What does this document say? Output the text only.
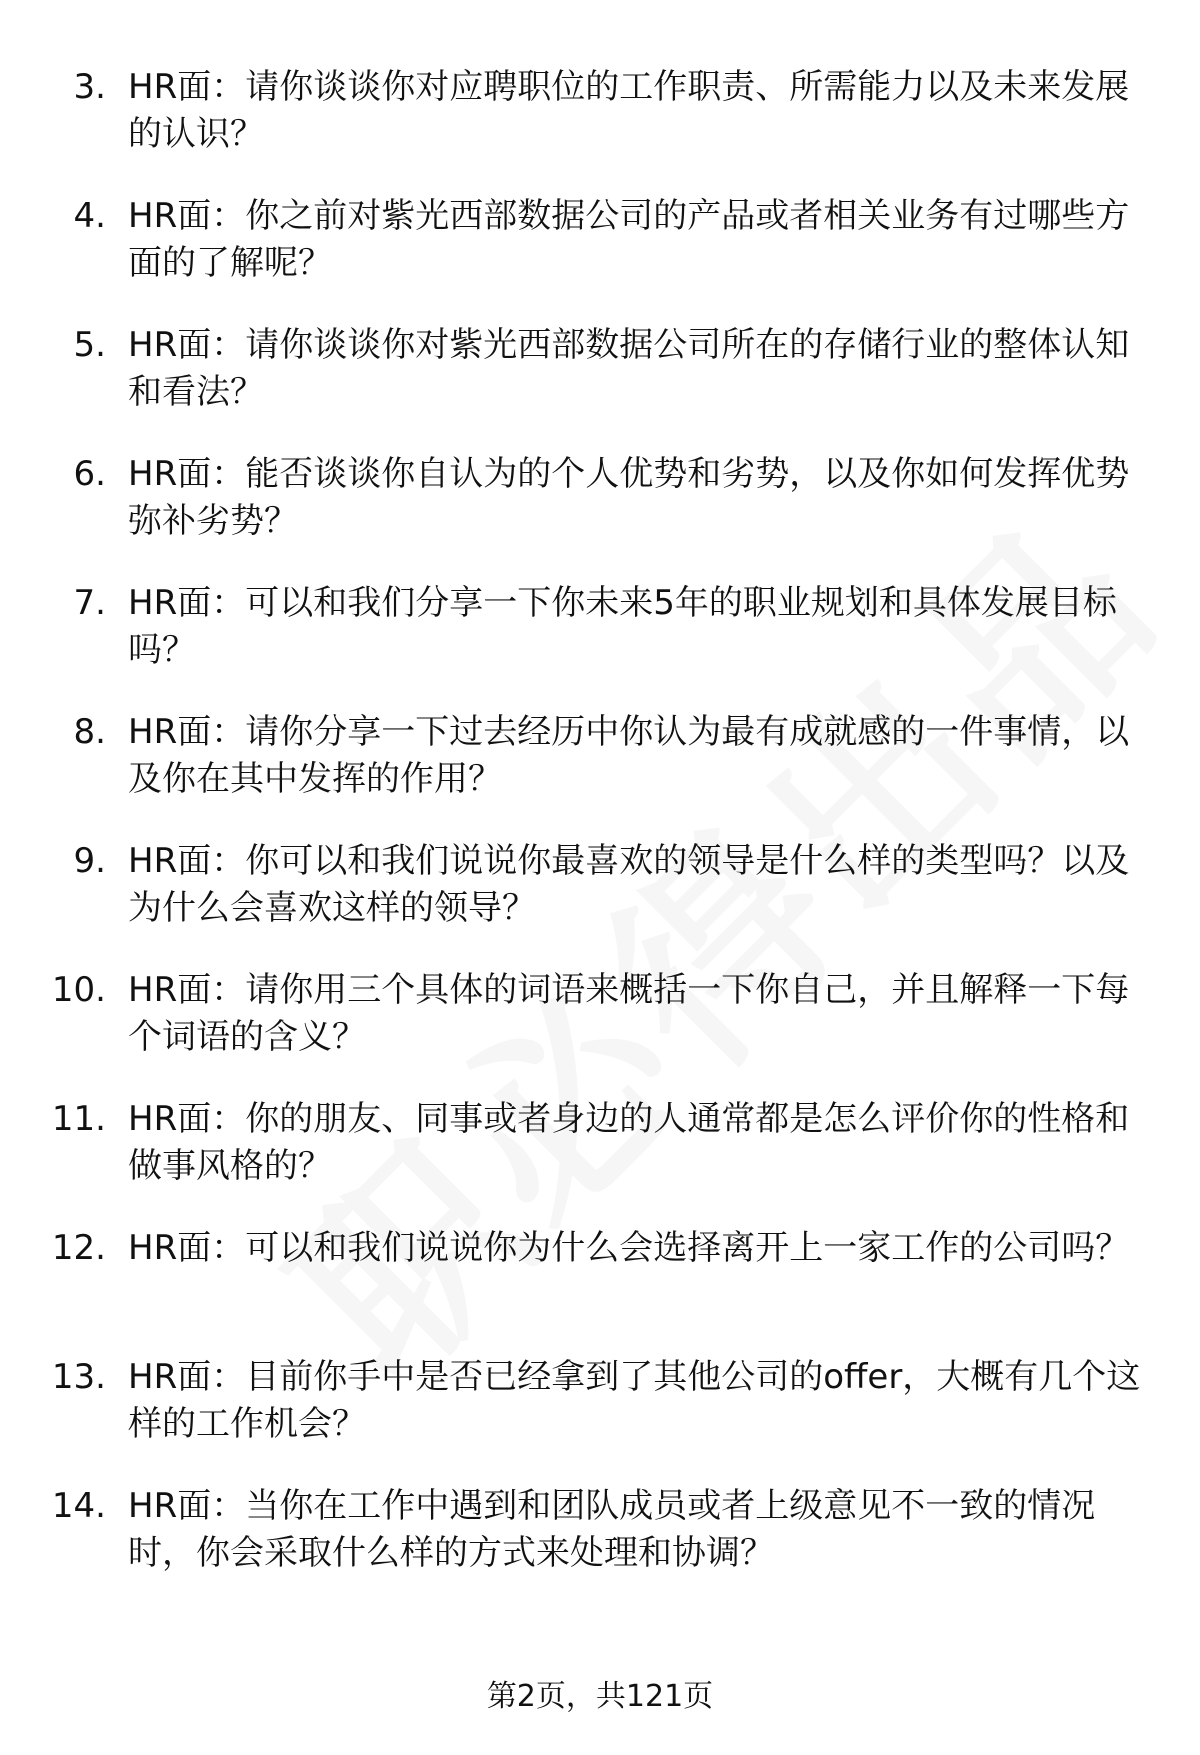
3. HR面：请你谈谈你对应聘职位的工作职责、所需能力以及未来发展的认识？
4. HR面：你之前对紫光西部数据公司的产品或者相关业务有过哪些方面的了解呢？
5. HR面：请你谈谈你对紫光西部数据公司所在的存储行业的整体认知和看法？
6. HR面：能否谈谈你自认为的个人优势和劣势，以及你如何发挥优势弥补劣势？
7. HR面：可以和我们分享一下你未来5年的职业规划和具体发展目标吗？
8. HR面：请你分享一下过去经历中你认为最有成就感的一件事情，以及你在其中发挥的作用？
9. HR面：你可以和我们说说你最喜欢的领导是什么样的类型吗？以及为什么会喜欢这样的领导？
10. HR面：请你用三个具体的词语来概括一下你自己，并且解释一下每个词语的含义？
11. HR面：你的朋友、同事或者身边的人通常都是怎么评价你的性格和做事风格的？
12. HR面：可以和我们说说你为什么会选择离开上一家工作的公司吗？
13. HR面：目前你手中是否已经拿到了其他公司的offer，大概有几个这样的工作机会？
14. HR面：当你在工作中遇到和团队成员或者上级意见不一致的情况时，你会采取什么样的方式来处理和协调？
第2页，共121页
